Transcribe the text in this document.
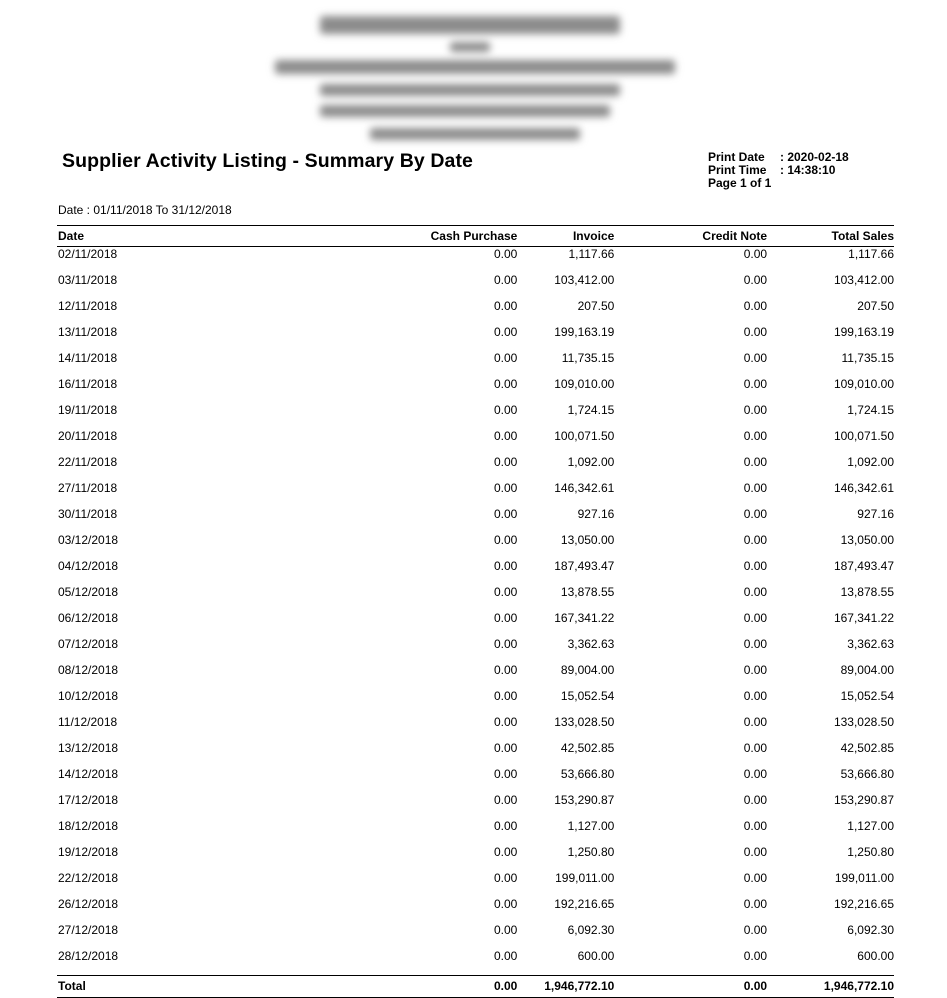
Supplier Activity Listing - Summary By Date	Print Date	: 2020-02-18
Print Time	: 14:38:10
Page 1 of 1
Date : 01/11/2018 To 31/12/2018
Date	Cash Purchase	Invoice	Credit Note	Total Sales
02/11/2018	0.00	1,117.66	0.00	1,117.66
03/11/2018	0.00	103,412.00	0.00	103,412.00
12/11/2018	0.00	207.50	0.00	207.50
13/11/2018	0.00	199,163.19	0.00	199,163.19
14/11/2018	0.00	11,735.15	0.00	11,735.15
16/11/2018	0.00	109,010.00	0.00	109,010.00
19/11/2018	0.00	1,724.15	0.00	1,724.15
20/11/2018	0.00	100,071.50	0.00	100,071.50
22/11/2018	0.00	1,092.00	0.00	1,092.00
27/11/2018	0.00	146,342.61	0.00	146,342.61
30/11/2018	0.00	927.16	0.00	927.16
03/12/2018	0.00	13,050.00	0.00	13,050.00
04/12/2018	0.00	187,493.47	0.00	187,493.47
05/12/2018	0.00	13,878.55	0.00	13,878.55
06/12/2018	0.00	167,341.22	0.00	167,341.22
07/12/2018	0.00	3,362.63	0.00	3,362.63
08/12/2018	0.00	89,004.00	0.00	89,004.00
10/12/2018	0.00	15,052.54	0.00	15,052.54
11/12/2018	0.00	133,028.50	0.00	133,028.50
13/12/2018	0.00	42,502.85	0.00	42,502.85
14/12/2018	0.00	53,666.80	0.00	53,666.80
17/12/2018	0.00	153,290.87	0.00	153,290.87
18/12/2018	0.00	1,127.00	0.00	1,127.00
19/12/2018	0.00	1,250.80	0.00	1,250.80
22/12/2018	0.00	199,011.00	0.00	199,011.00
26/12/2018	0.00	192,216.65	0.00	192,216.65
27/12/2018	0.00	6,092.30	0.00	6,092.30
28/12/2018	0.00	600.00	0.00	600.00
Total	0.00	1,946,772.10	0.00	1,946,772.10
